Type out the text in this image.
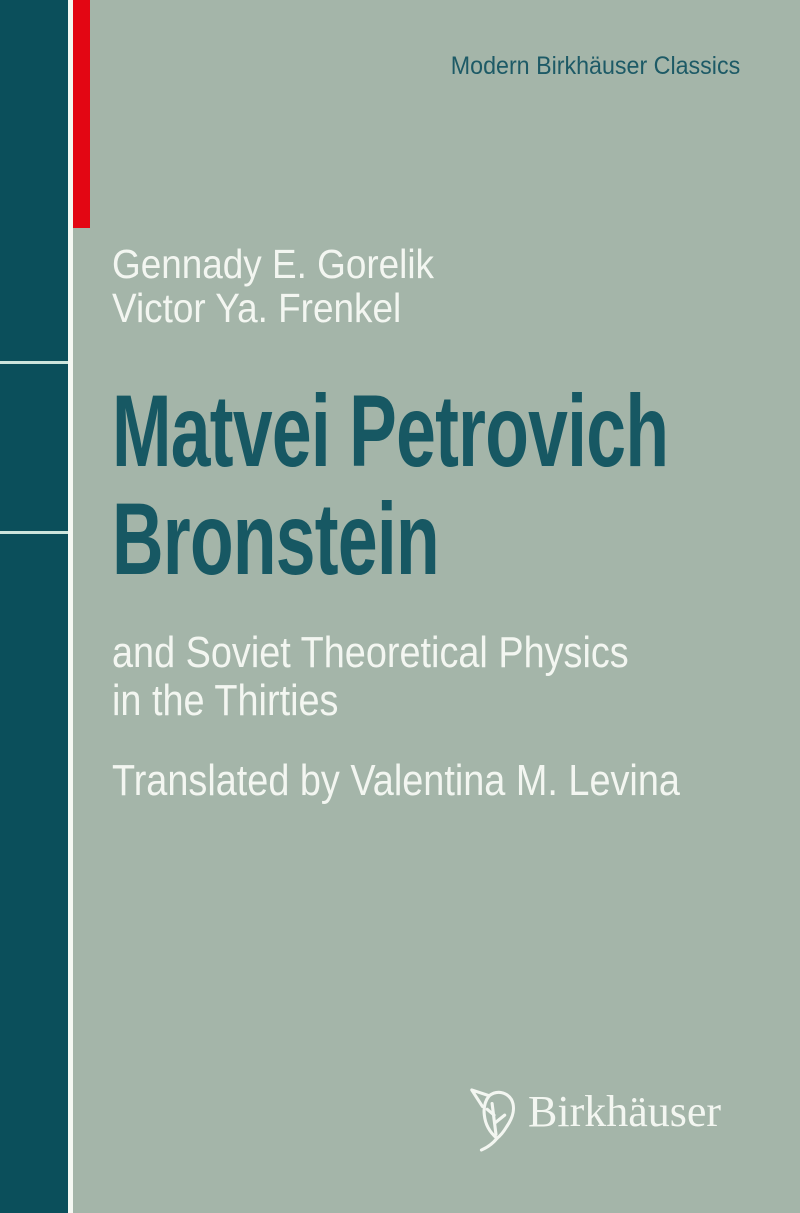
Modern Birkhäuser Classics
Gennady E. Gorelik
Victor Ya. Frenkel
Matvei Petrovich
Bronstein
and Soviet Theoretical Physics
in the Thirties
Translated by Valentina M. Levina
Birkhäuser
